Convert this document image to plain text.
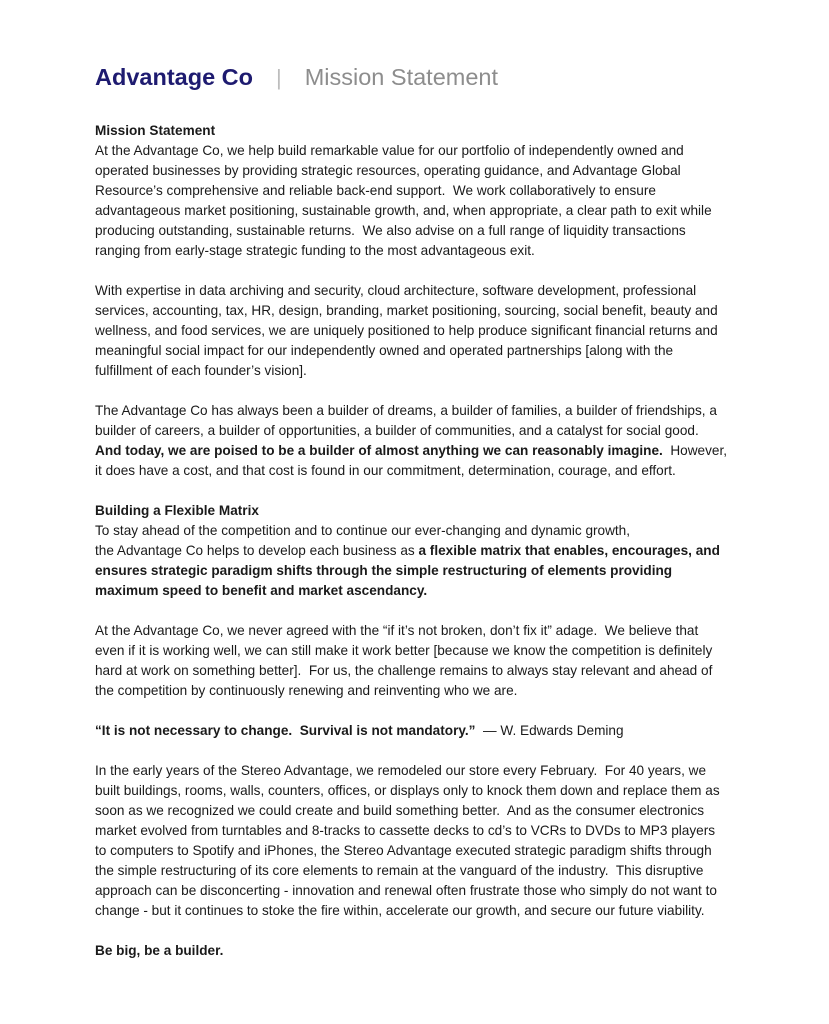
Advantage Co | Mission Statement

Mission Statement

At the Advantage Co, we help build remarkable value for our portfolio of independently owned and
operated businesses by providing strategic resources, operating guidance, and Advantage Global
Resource’s comprehensive and reliable back-end support.  We work collaboratively to ensure
advantageous market positioning, sustainable growth, and, when appropriate, a clear path to exit while
producing outstanding, sustainable returns.  We also advise on a full range of liquidity transactions
ranging from early-stage strategic funding to the most advantageous exit.

With expertise in data archiving and security, cloud architecture, software development, professional
services, accounting, tax, HR, design, branding, market positioning, sourcing, social benefit, beauty and
wellness, and food services, we are uniquely positioned to help produce significant financial returns and
meaningful social impact for our independently owned and operated partnerships [along with the
fulfillment of each founder’s vision].

The Advantage Co has always been a builder of dreams, a builder of families, a builder of friendships, a
builder of careers, a builder of opportunities, a builder of communities, and a catalyst for social good.
And today, we are poised to be a builder of almost anything we can reasonably imagine.  However,
it does have a cost, and that cost is found in our commitment, determination, courage, and effort.

Building a Flexible Matrix

To stay ahead of the competition and to continue our ever-changing and dynamic growth,
the Advantage Co helps to develop each business as a flexible matrix that enables, encourages, and
ensures strategic paradigm shifts through the simple restructuring of elements providing
maximum speed to benefit and market ascendancy.

At the Advantage Co, we never agreed with the “if it’s not broken, don’t fix it” adage.  We believe that
even if it is working well, we can still make it work better [because we know the competition is definitely
hard at work on something better].  For us, the challenge remains to always stay relevant and ahead of
the competition by continuously renewing and reinventing who we are.

“It is not necessary to change.  Survival is not mandatory.”  — W. Edwards Deming

In the early years of the Stereo Advantage, we remodeled our store every February.  For 40 years, we
built buildings, rooms, walls, counters, offices, or displays only to knock them down and replace them as
soon as we recognized we could create and build something better.  And as the consumer electronics
market evolved from turntables and 8-tracks to cassette decks to cd’s to VCRs to DVDs to MP3 players
to computers to Spotify and iPhones, the Stereo Advantage executed strategic paradigm shifts through
the simple restructuring of its core elements to remain at the vanguard of the industry.  This disruptive
approach can be disconcerting - innovation and renewal often frustrate those who simply do not want to
change - but it continues to stoke the fire within, accelerate our growth, and secure our future viability.

Be big, be a builder.
